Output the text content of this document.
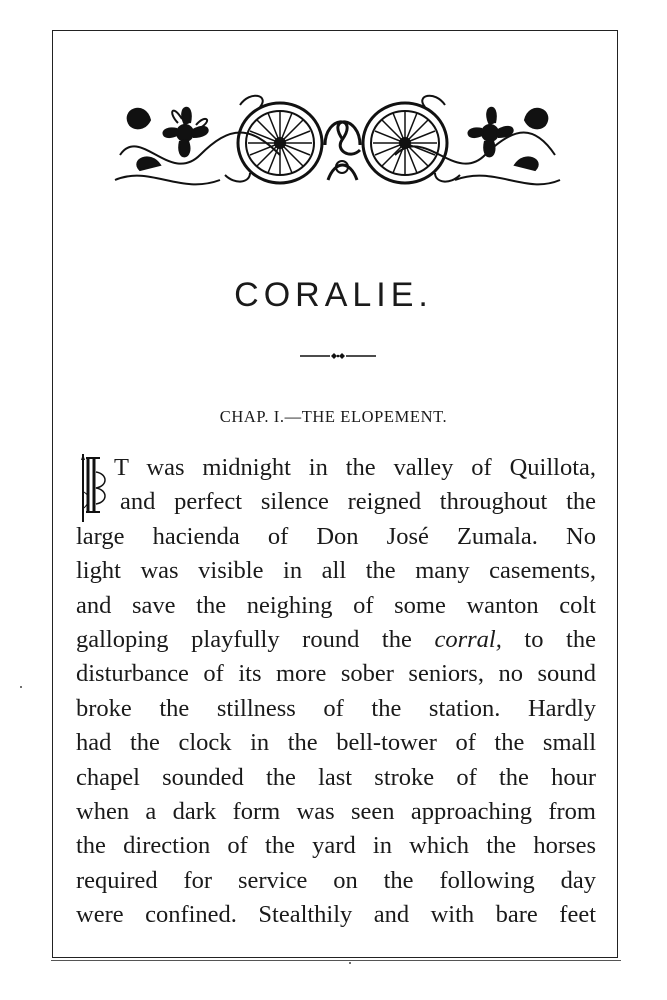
CORALIE.
CHAP. I.—THE ELOPEMENT.
T was midnight in the valley of Quillota,
and perfect silence reigned throughout the
large hacienda of Don José Zumala. No
light was visible in all the many casements,
and save the neighing of some wanton colt
galloping playfully round the corral, to the
disturbance of its more sober seniors, no sound
broke the stillness of the station. Hardly
had the clock in the bell-tower of the small
chapel sounded the last stroke of the hour
when a dark form was seen approaching from
the direction of the yard in which the horses
required for service on the following day
were confined. Stealthily and with bare feet
